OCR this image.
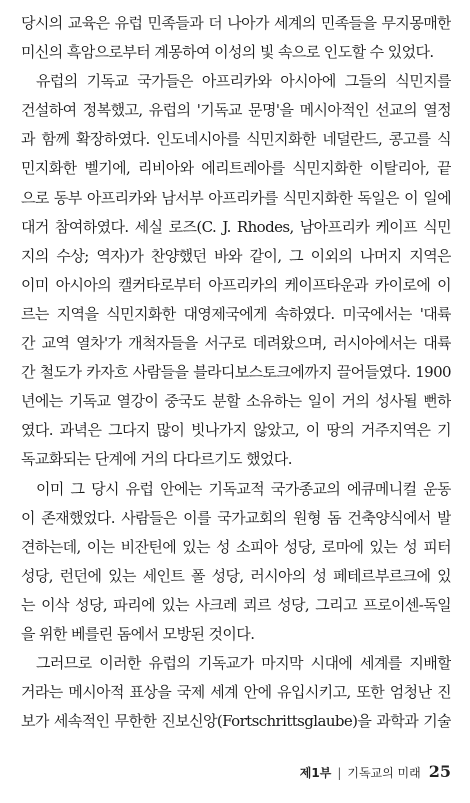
당시의 교육은 유럽 민족들과 더 나아가 세계의 민족들을 무지몽매한
미신의 흑암으로부터 계몽하여 이성의 빛 속으로 인도할 수 있었다.
유럽의 기독교 국가들은 아프리카와 아시아에 그들의 식민지를
건설하여 정복했고, 유럽의 '기독교 문명'을 메시아적인 선교의 열정
과 함께 확장하였다. 인도네시아를 식민지화한 네덜란드, 콩고를 식
민지화한 벨기에, 리비아와 에리트레아를 식민지화한 이탈리아, 끝
으로 동부 아프리카와 남서부 아프리카를 식민지화한 독일은 이 일에
대거 참여하였다. 세실 로즈(C. J. Rhodes, 남아프리카 케이프 식민
지의 수상; 역자)가 찬양했던 바와 같이, 그 이외의 나머지 지역은
이미 아시아의 캘커타로부터 아프리카의 케이프타운과 카이로에 이
르는 지역을 식민지화한 대영제국에게 속하였다. 미국에서는 '대륙
간 교역 열차'가 개척자들을 서구로 데려왔으며, 러시아에서는 대륙
간 철도가 카자흐 사람들을 블라디보스토크에까지 끌어들였다. 1900
년에는 기독교 열강이 중국도 분할 소유하는 일이 거의 성사될 뻔하
였다. 과녁은 그다지 많이 빗나가지 않았고, 이 땅의 거주지역은 기
독교화되는 단계에 거의 다다르기도 했었다.
이미 그 당시 유럽 안에는 기독교적 국가종교의 에큐메니컬 운동
이 존재했었다. 사람들은 이를 국가교회의 원형 돔 건축양식에서 발
견하는데, 이는 비잔틴에 있는 성 소피아 성당, 로마에 있는 성 피터
성당, 런던에 있는 세인트 폴 성당, 러시아의 성 페테르부르크에 있
는 이삭 성당, 파리에 있는 사크레 쾨르 성당, 그리고 프로이센-독일
을 위한 베를린 돔에서 모방된 것이다.
그러므로 이러한 유럽의 기독교가 마지막 시대에 세계를 지배할
거라는 메시아적 표상을 국제 세계 안에 유입시키고, 또한 엄청난 진
보가 세속적인 무한한 진보신앙(Fortschrittsglaube)을 과학과 기술
제1부 | 기독교의 미래 25
